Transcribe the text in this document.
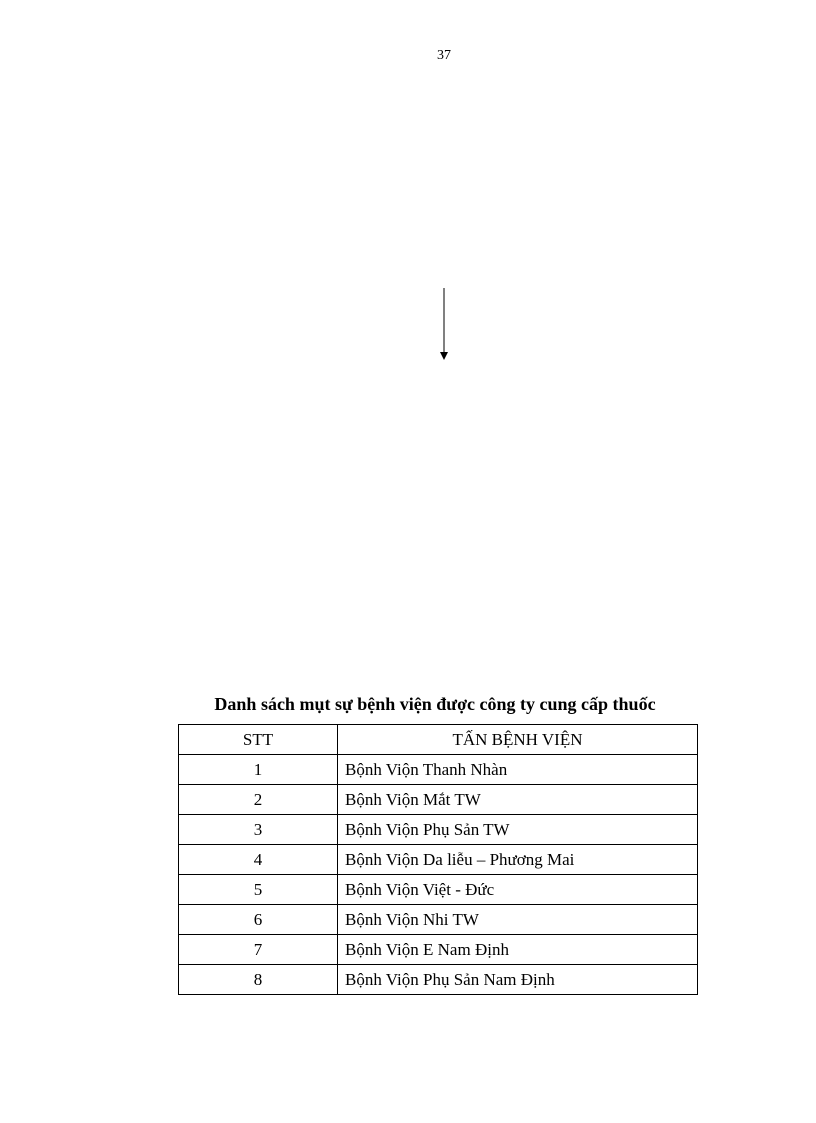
37
Danh sách mụt sự bệnh viện được công ty cung cấp thuốc
STT	TẤN BỆNH VIỆN
1	Bộnh Viộn Thanh Nhàn
2	Bộnh Viộn Mắt TW
3	Bộnh Viộn Phụ Sản TW
4	Bộnh Viộn Da liễu – Phương Mai
5	Bộnh Viộn Việt - Đức
6	Bộnh Viộn Nhi TW
7	Bộnh Viộn E Nam Định
8	Bộnh Viộn Phụ Sản Nam Định
